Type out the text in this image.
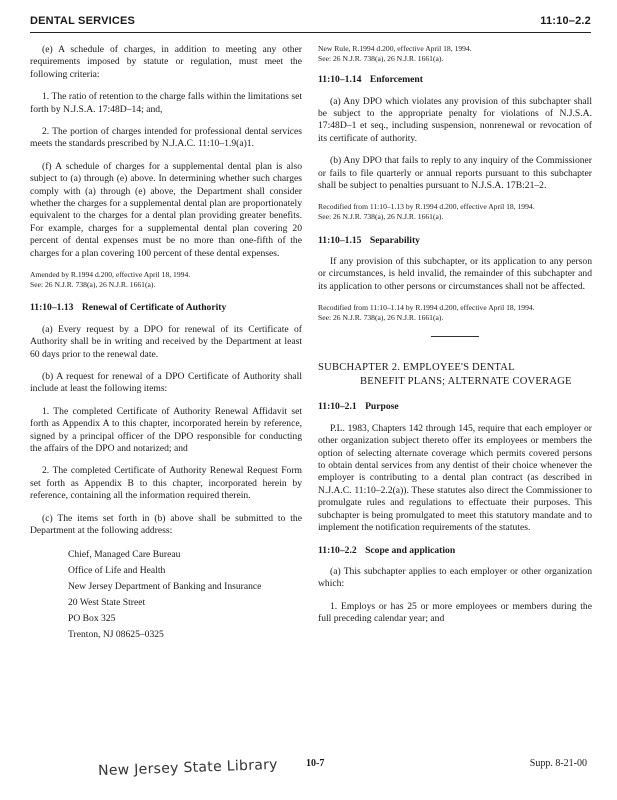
DENTAL SERVICES	11:10–2.2

(e) A schedule of charges, in addition to meeting any other requirements imposed by statute or regulation, must meet the following criteria:

1. The ratio of retention to the charge falls within the limitations set forth by N.J.S.A. 17:48D–14; and,

2. The portion of charges intended for professional dental services meets the standards prescribed by N.J.A.C. 11:10–1.9(a)1.

(f) A schedule of charges for a supplemental dental plan is also subject to (a) through (e) above. In determining whether such charges comply with (a) through (e) above, the Department shall consider whether the charges for a supplemental dental plan are proportionately equivalent to the charges for a dental plan providing greater benefits. For example, charges for a supplemental dental plan covering 20 percent of dental expenses must be no more than one-fifth of the charges for a plan covering 100 percent of these dental expenses.

Amended by R.1994 d.200, effective April 18, 1994.
See: 26 N.J.R. 738(a), 26 N.J.R. 1661(a).
11:10–1.13 Renewal of Certificate of Authority

(a) Every request by a DPO for renewal of its Certificate of Authority shall be in writing and received by the Department at least 60 days prior to the renewal date.

(b) A request for renewal of a DPO Certificate of Authority shall include at least the following items:

1. The completed Certificate of Authority Renewal Affidavit set forth as Appendix A to this chapter, incorporated herein by reference, signed by a principal officer of the DPO responsible for conducting the affairs of the DPO and notarized; and

2. The completed Certificate of Authority Renewal Request Form set forth as Appendix B to this chapter, incorporated herein by reference, containing all the information required therein.

(c) The items set forth in (b) above shall be submitted to the Department at the following address:

Chief, Managed Care Bureau
Office of Life and Health
New Jersey Department of Banking and Insurance
20 West State Street
PO Box 325
Trenton, NJ 08625–0325
New Rule, R.1994 d.200, effective April 18, 1994.
See: 26 N.J.R. 738(a), 26 N.J.R. 1661(a).
11:10–1.14 Enforcement

(a) Any DPO which violates any provision of this subchapter shall be subject to the appropriate penalty for violations of N.J.S.A. 17:48D–1 et seq., including suspension, nonrenewal or revocation of its certificate of authority.

(b) Any DPO that fails to reply to any inquiry of the Commissioner or fails to file quarterly or annual reports pursuant to this subchapter shall be subject to penalties pursuant to N.J.S.A. 17B:21–2.

Recodified from 11:10–1.13 by R.1994 d.200, effective April 18, 1994.
See: 26 N.J.R. 738(a), 26 N.J.R. 1661(a).
11:10–1.15 Separability

If any provision of this subchapter, or its application to any person or circumstances, is held invalid, the remainder of this subchapter and its application to other persons or circumstances shall not be affected.

Recodified from 11:10–1.14 by R.1994 d.200, effective April 18, 1994.
See: 26 N.J.R. 738(a), 26 N.J.R. 1661(a).
SUBCHAPTER 2. EMPLOYEE'S DENTAL
BENEFIT PLANS; ALTERNATE COVERAGE
11:10–2.1 Purpose

P.L. 1983, Chapters 142 through 145, require that each employer or other organization subject thereto offer its employees or members the option of selecting alternate coverage which permits covered persons to obtain dental services from any dentist of their choice whenever the employer is contributing to a dental plan contract (as described in N.J.A.C. 11:10–2.2(a)). These statutes also direct the Commissioner to promulgate rules and regulations to effectuate their purposes. This subchapter is being promulgated to meet this statutory mandate and to implement the notification requirements of the statutes.

11:10–2.2 Scope and application

(a) This subchapter applies to each employer or other organization which:

1. Employs or has 25 or more employees or members during the full preceding calendar year; and

New Jersey State Library	10-7	Supp. 8-21-00
